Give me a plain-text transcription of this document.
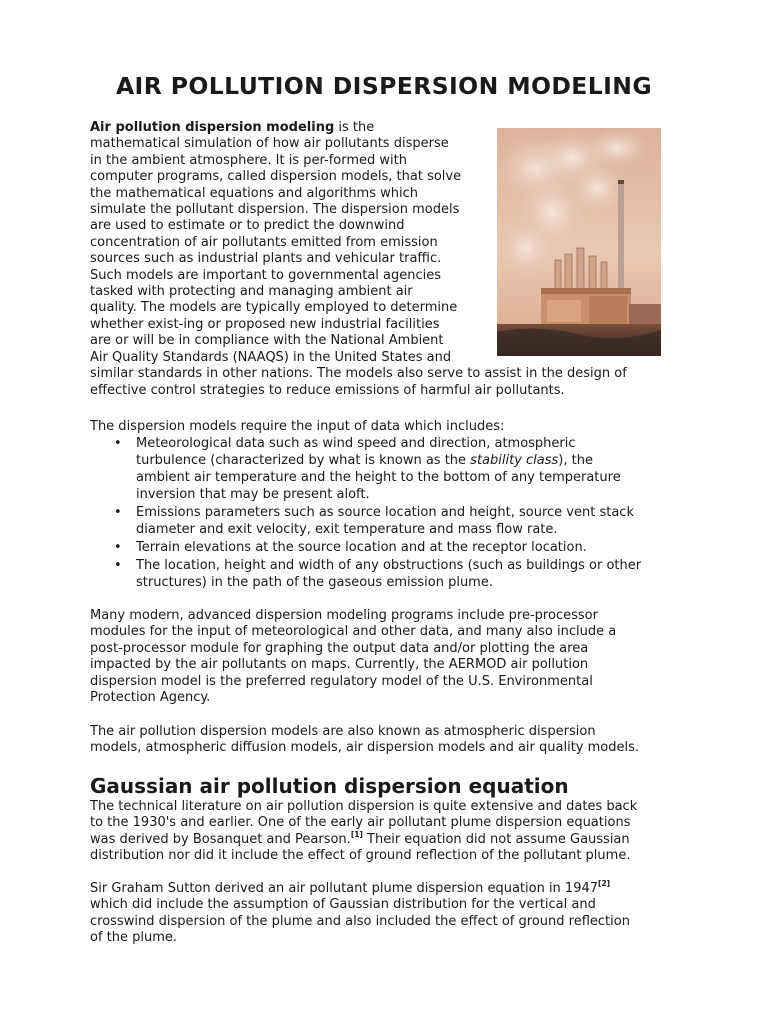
AIR POLLUTION DISPERSION MODELING
Air pollution dispersion modeling is the
mathematical simulation of how air pollutants disperse
in the ambient atmosphere. It is per-formed with
computer programs, called dispersion models, that solve
the mathematical equations and algorithms which
simulate the pollutant dispersion. The dispersion models
are used to estimate or to predict the downwind
concentration of air pollutants emitted from emission
sources such as industrial plants and vehicular traffic.
Such models are important to governmental agencies
tasked with protecting and managing ambient air
quality. The models are typically employed to determine
whether exist-ing or proposed new industrial facilities
are or will be in compliance with the National Ambient
Air Quality Standards (NAAQS) in the United States and
similar standards in other nations. The models also serve to assist in the design of
effective control strategies to reduce emissions of harmful air pollutants.
The dispersion models require the input of data which includes:
• Meteorological data such as wind speed and direction, atmospheric
turbulence (characterized by what is known as the stability class), the
ambient air temperature and the height to the bottom of any temperature
inversion that may be present aloft.
• Emissions parameters such as source location and height, source vent stack
diameter and exit velocity, exit temperature and mass flow rate.
• Terrain elevations at the source location and at the receptor location.
• The location, height and width of any obstructions (such as buildings or other
structures) in the path of the gaseous emission plume.
Many modern, advanced dispersion modeling programs include pre-processor
modules for the input of meteorological and other data, and many also include a
post-processor module for graphing the output data and/or plotting the area
impacted by the air pollutants on maps. Currently, the AERMOD air pollution
dispersion model is the preferred regulatory model of the U.S. Environmental
Protection Agency.
The air pollution dispersion models are also known as atmospheric dispersion
models, atmospheric diffusion models, air dispersion models and air quality models.
Gaussian air pollution dispersion equation
The technical literature on air pollution dispersion is quite extensive and dates back
to the 1930's and earlier. One of the early air pollutant plume dispersion equations
was derived by Bosanquet and Pearson.[1] Their equation did not assume Gaussian
distribution nor did it include the effect of ground reflection of the pollutant plume.
Sir Graham Sutton derived an air pollutant plume dispersion equation in 1947[2]
which did include the assumption of Gaussian distribution for the vertical and
crosswind dispersion of the plume and also included the effect of ground reflection
of the plume.
